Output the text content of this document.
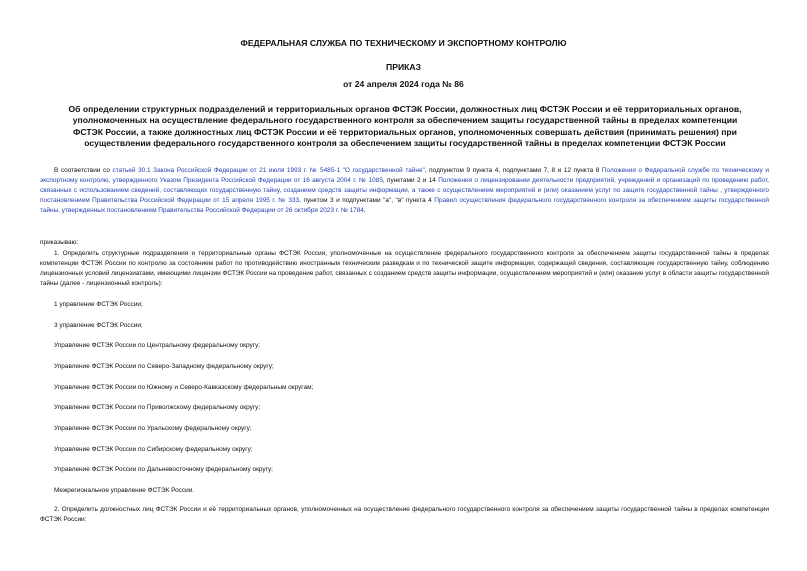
ФЕДЕРАЛЬНАЯ СЛУЖБА ПО ТЕХНИЧЕСКОМУ И ЭКСПОРТНОМУ КОНТРОЛЮ

ПРИКАЗ

от 24 апреля 2024 года № 86

Об определении структурных подразделений и территориальных органов ФСТЭК России, должностных лиц ФСТЭК России и её территориальных органов, уполномоченных на осуществление федерального государственного контроля за обеспечением защиты государственной тайны в пределах компетенции ФСТЭК России, а также должностных лиц ФСТЭК России и её территориальных органов, уполномоченных совершать действия (принимать решения) при осуществлении федерального государственного контроля за обеспечением защиты государственной тайны в пределах компетенции ФСТЭК России

В соответствии со статьей 30.1 Закона Российской Федерации от 21 июля 1993 г. № 5485-1 "О государственной тайне", подпунктом 9 пункта 4, подпунктами 7, 8 и 12 пункта 8 Положения о Федеральной службе по техническому и экспортному контролю, утвержденного Указом Президента Российской Федерации от 16 августа 2004 г. № 1085, пунктами 2 и 14 Положения о лицензировании деятельности предприятий, учреждений и организаций по проведению работ, связанных с использованием сведений, составляющих государственную тайну, созданием средств защиты информации, а также с осуществлением мероприятий и (или) оказанием услуг по защите государственной тайны , утвержденного постановлением Правительства Российской Федерации от 15 апреля 1995 г. № 333, пунктом 3 и подпунктами "а", "в" пункта 4 Правил осуществления федерального государственного контроля за обеспечением защиты государственной тайны, утвержденных постановлением Правительства Российской Федерации от 26 октября 2023 г. № 1784,

приказываю:

1. Определить структурные подразделения и территориальные органы ФСТЭК России, уполномоченные на осуществление федерального государственного контроля за обеспечением защиты государственной тайны в пределах компетенции ФСТЭК России по контролю за состоянием работ по противодействию иностранным техническим разведкам и по технической защите информации, содержащей сведения, составляющие государственную тайну, соблюдению лицензионных условий лицензиатами, имеющими лицензии ФСТЭК России на проведение работ, связанных с созданием средств защиты информации, осуществлением мероприятий и (или) оказание услуг в области защиты государственной тайны (далее - лицензионный контроль):

1 управление ФСТЭК России;

3 управление ФСТЭК России;

Управление ФСТЭК России по Центральному федеральному округу;

Управление ФСТЭК России по Северо-Западному федеральному округу;

Управление ФСТЭК России по Южному и Северо-Кавказскому федеральным округам;

Управление ФСТЭК России по Приволжскому федеральному округу;

Управление ФСТЭК России по Уральскому федеральному округу;

Управление ФСТЭК России по Сибирскому федеральному округу;

Управление ФСТЭК России по Дальневосточному федеральному округу;

Межрегиональное управление ФСТЭК России.

2. Определить должностных лиц ФСТЭК России и её территориальных органов, уполномоченных на осуществление федерального государственного контроля за обеспечением защиты государственной тайны в пределах компетенции ФСТЭК России:
